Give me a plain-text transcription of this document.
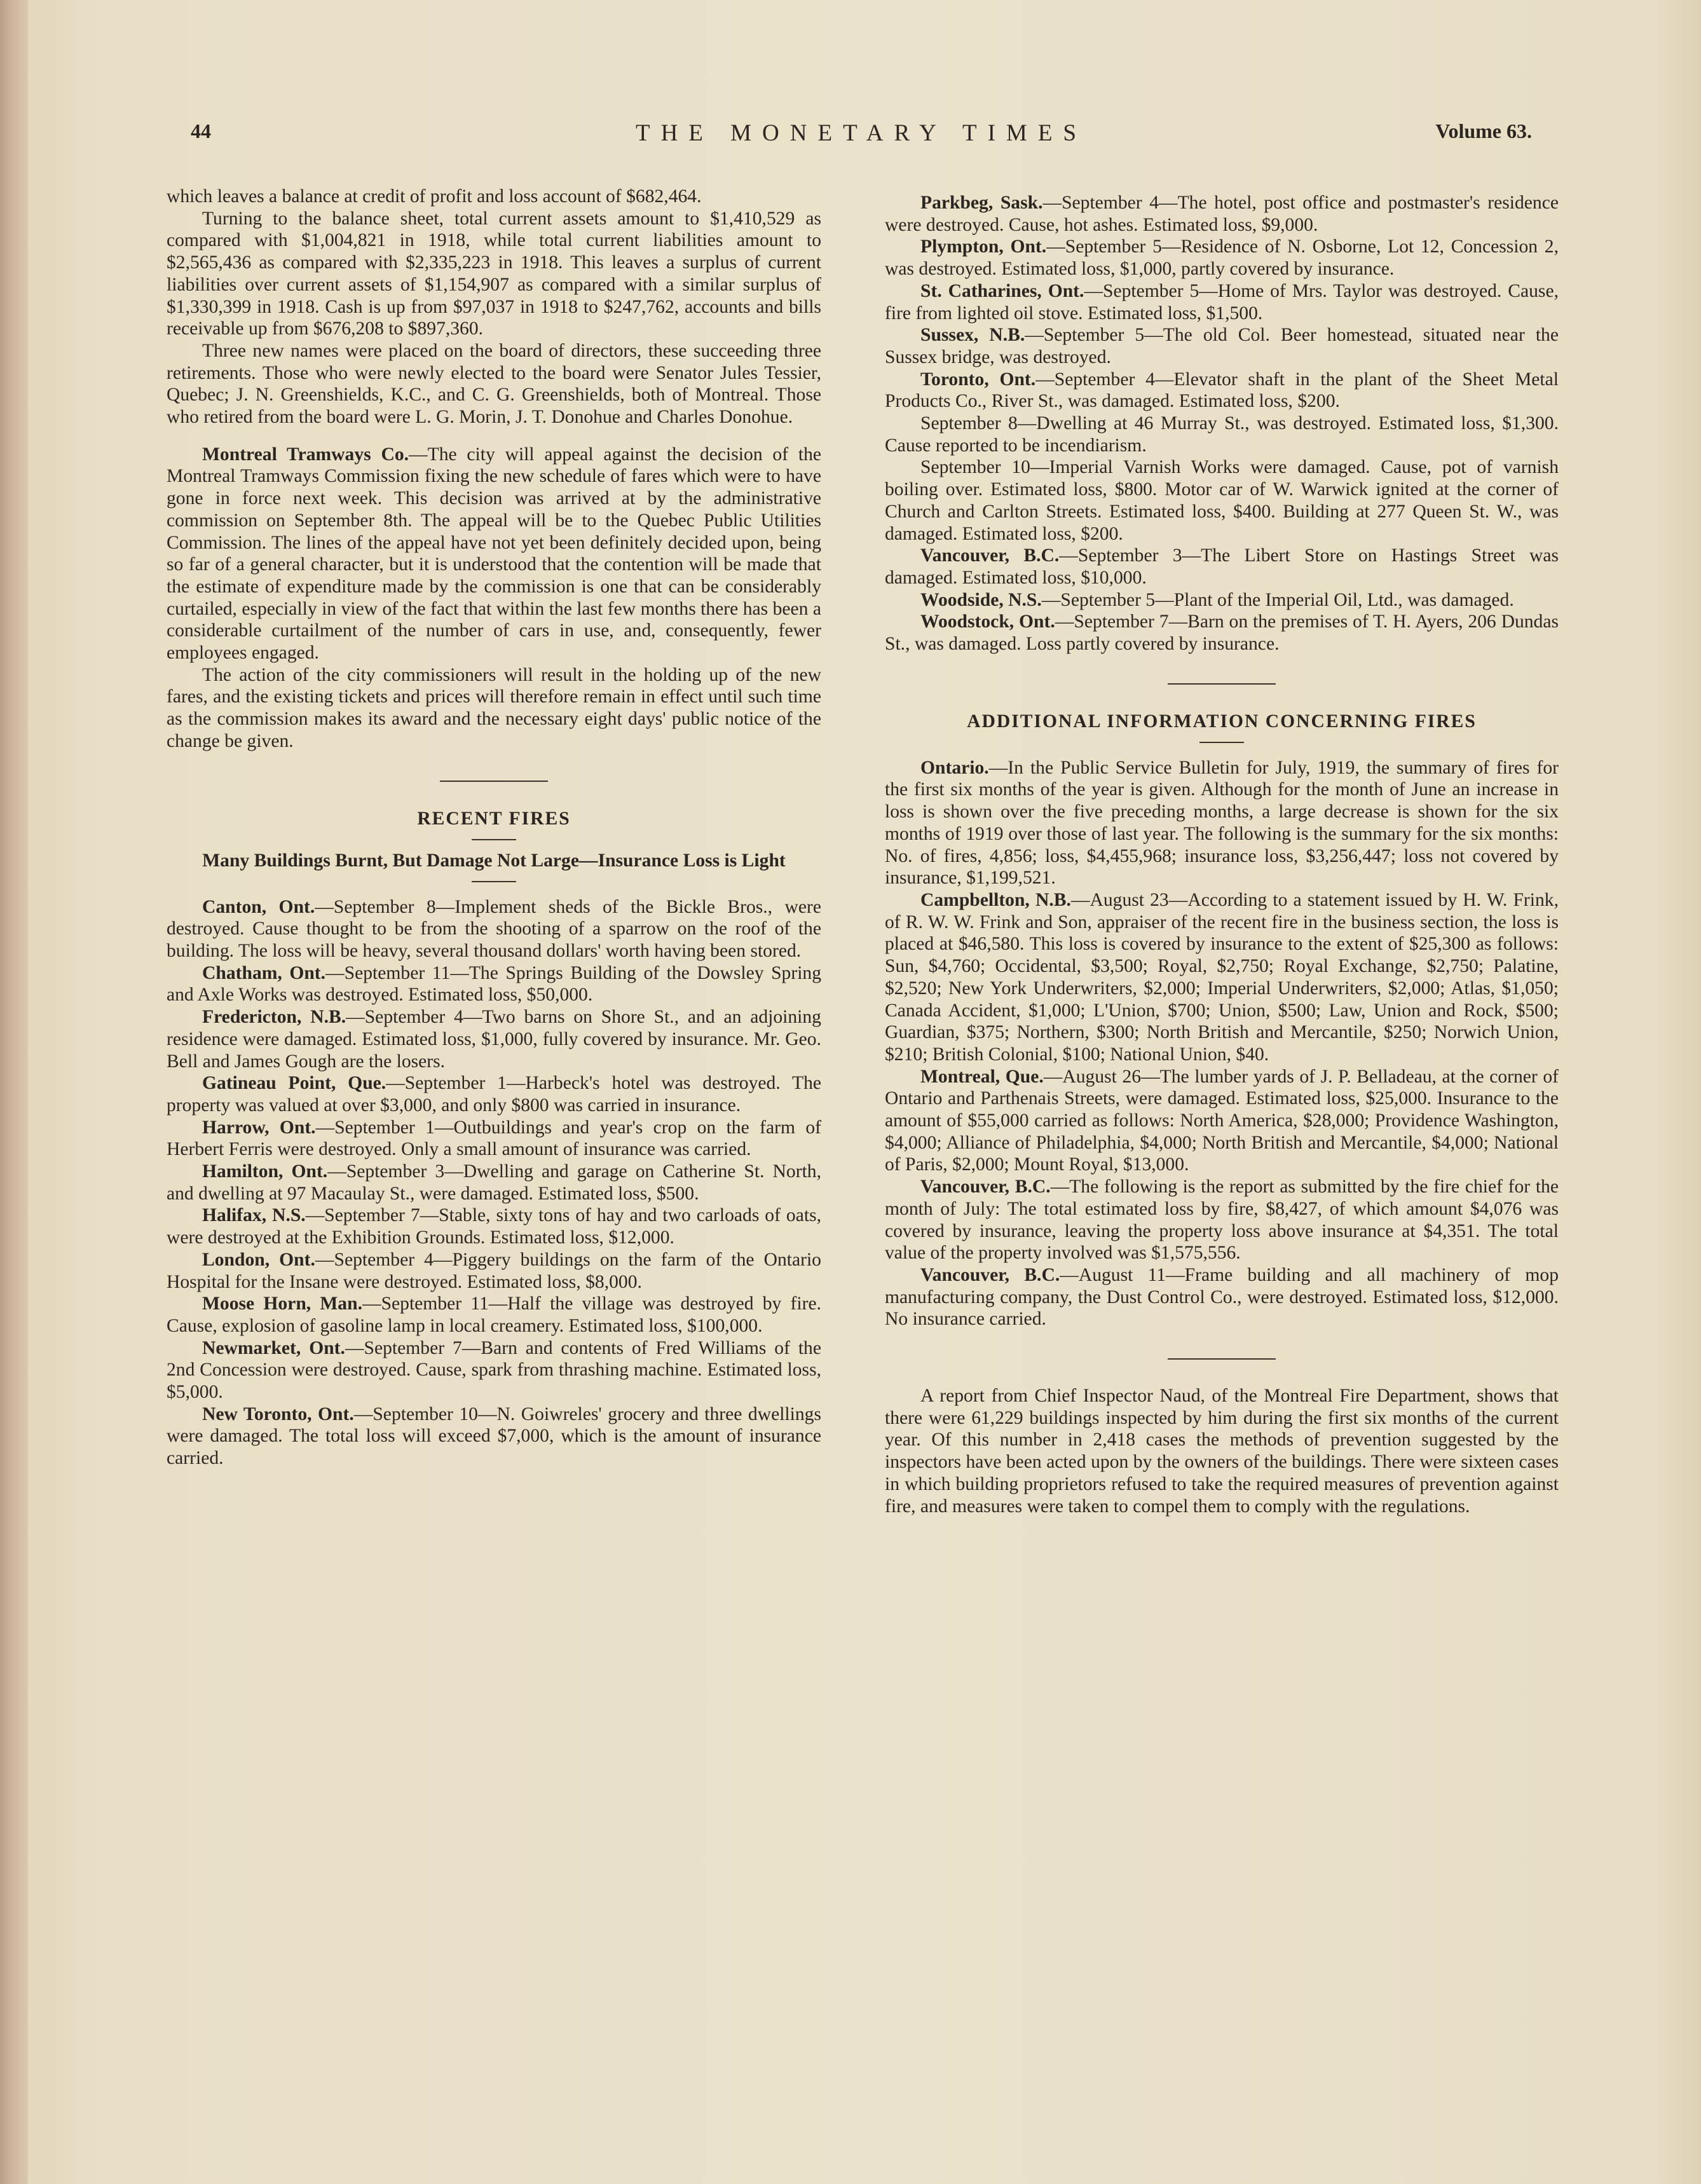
44	THE MONETARY TIMES	Volume 63.

which leaves a balance at credit of profit and loss account of $682,464.

Turning to the balance sheet, total current assets amount to $1,410,529 as compared with $1,004,821 in 1918, while total current liabilities amount to $2,565,436 as compared with $2,335,223 in 1918. This leaves a surplus of current liabilities over current assets of $1,154,907 as compared with a similar surplus of $1,330,399 in 1918. Cash is up from $97,037 in 1918 to $247,762, accounts and bills receivable up from $676,208 to $897,360.

Three new names were placed on the board of directors, these succeeding three retirements. Those who were newly elected to the board were Senator Jules Tessier, Quebec; J. N. Greenshields, K.C., and C. G. Greenshields, both of Montreal. Those who retired from the board were L. G. Morin, J. T. Donohue and Charles Donohue.

Montreal Tramways Co.—The city will appeal against the decision of the Montreal Tramways Commission fixing the new schedule of fares which were to have gone in force next week. This decision was arrived at by the administrative commission on September 8th. The appeal will be to the Quebec Public Utilities Commission. The lines of the appeal have not yet been definitely decided upon, being so far of a general character, but it is understood that the contention will be made that the estimate of expenditure made by the commission is one that can be considerably curtailed, especially in view of the fact that within the last few months there has been a considerable curtailment of the number of cars in use, and, consequently, fewer employees engaged.

The action of the city commissioners will result in the holding up of the new fares, and the existing tickets and prices will therefore remain in effect until such time as the commission makes its award and the necessary eight days' public notice of the change be given.

RECENT FIRES
Many Buildings Burnt, But Damage Not Large—Insurance Loss is Light

Canton, Ont.—September 8—Implement sheds of the Bickle Bros., were destroyed. Cause thought to be from the shooting of a sparrow on the roof of the building. The loss will be heavy, several thousand dollars' worth having been stored.

Chatham, Ont.—September 11—The Springs Building of the Dowsley Spring and Axle Works was destroyed. Estimated loss, $50,000.

Fredericton, N.B.—September 4—Two barns on Shore St., and an adjoining residence were damaged. Estimated loss, $1,000, fully covered by insurance. Mr. Geo. Bell and James Gough are the losers.

Gatineau Point, Que.—September 1—Harbeck's hotel was destroyed. The property was valued at over $3,000, and only $800 was carried in insurance.

Harrow, Ont.—September 1—Outbuildings and year's crop on the farm of Herbert Ferris were destroyed. Only a small amount of insurance was carried.

Hamilton, Ont.—September 3—Dwelling and garage on Catherine St. North, and dwelling at 97 Macaulay St., were damaged. Estimated loss, $500.

Halifax, N.S.—September 7—Stable, sixty tons of hay and two carloads of oats, were destroyed at the Exhibition Grounds. Estimated loss, $12,000.

London, Ont.—September 4—Piggery buildings on the farm of the Ontario Hospital for the Insane were destroyed. Estimated loss, $8,000.

Moose Horn, Man.—September 11—Half the village was destroyed by fire. Cause, explosion of gasoline lamp in local creamery. Estimated loss, $100,000.

Newmarket, Ont.—September 7—Barn and contents of Fred Williams of the 2nd Concession were destroyed. Cause, spark from thrashing machine. Estimated loss, $5,000.

New Toronto, Ont.—September 10—N. Goiwreles' grocery and three dwellings were damaged. The total loss will exceed $7,000, which is the amount of insurance carried.

Parkbeg, Sask.—September 4—The hotel, post office and postmaster's residence were destroyed. Cause, hot ashes. Estimated loss, $9,000.

Plympton, Ont.—September 5—Residence of N. Osborne, Lot 12, Concession 2, was destroyed. Estimated loss, $1,000, partly covered by insurance.

St. Catharines, Ont.—September 5—Home of Mrs. Taylor was destroyed. Cause, fire from lighted oil stove. Estimated loss, $1,500.

Sussex, N.B.—September 5—The old Col. Beer homestead, situated near the Sussex bridge, was destroyed.

Toronto, Ont.—September 4—Elevator shaft in the plant of the Sheet Metal Products Co., River St., was damaged. Estimated loss, $200.

September 8—Dwelling at 46 Murray St., was destroyed. Estimated loss, $1,300. Cause reported to be incendiarism.

September 10—Imperial Varnish Works were damaged. Cause, pot of varnish boiling over. Estimated loss, $800. Motor car of W. Warwick ignited at the corner of Church and Carlton Streets. Estimated loss, $400. Building at 277 Queen St. W., was damaged. Estimated loss, $200.

Vancouver, B.C.—September 3—The Libert Store on Hastings Street was damaged. Estimated loss, $10,000.

Woodside, N.S.—September 5—Plant of the Imperial Oil, Ltd., was damaged.

Woodstock, Ont.—September 7—Barn on the premises of T. H. Ayers, 206 Dundas St., was damaged. Loss partly covered by insurance.

ADDITIONAL INFORMATION CONCERNING FIRES

Ontario.—In the Public Service Bulletin for July, 1919, the summary of fires for the first six months of the year is given. Although for the month of June an increase in loss is shown over the five preceding months, a large decrease is shown for the six months of 1919 over those of last year. The following is the summary for the six months: No. of fires, 4,856; loss, $4,455,968; insurance loss, $3,256,447; loss not covered by insurance, $1,199,521.

Campbellton, N.B.—August 23—According to a statement issued by H. W. Frink, of R. W. W. Frink and Son, appraiser of the recent fire in the business section, the loss is placed at $46,580. This loss is covered by insurance to the extent of $25,300 as follows: Sun, $4,760; Occidental, $3,500; Royal, $2,750; Royal Exchange, $2,750; Palatine, $2,520; New York Underwriters, $2,000; Imperial Underwriters, $2,000; Atlas, $1,050; Canada Accident, $1,000; L'Union, $700; Union, $500; Law, Union and Rock, $500; Guardian, $375; Northern, $300; North British and Mercantile, $250; Norwich Union, $210; British Colonial, $100; National Union, $40.

Montreal, Que.—August 26—The lumber yards of J. P. Belladeau, at the corner of Ontario and Parthenais Streets, were damaged. Estimated loss, $25,000. Insurance to the amount of $55,000 carried as follows: North America, $28,000; Providence Washington, $4,000; Alliance of Philadelphia, $4,000; North British and Mercantile, $4,000; National of Paris, $2,000; Mount Royal, $13,000.

Vancouver, B.C.—The following is the report as submitted by the fire chief for the month of July: The total estimated loss by fire, $8,427, of which amount $4,076 was covered by insurance, leaving the property loss above insurance at $4,351. The total value of the property involved was $1,575,556.

Vancouver, B.C.—August 11—Frame building and all machinery of mop manufacturing company, the Dust Control Co., were destroyed. Estimated loss, $12,000. No insurance carried.

A report from Chief Inspector Naud, of the Montreal Fire Department, shows that there were 61,229 buildings inspected by him during the first six months of the current year. Of this number in 2,418 cases the methods of prevention suggested by the inspectors have been acted upon by the owners of the buildings. There were sixteen cases in which building proprietors refused to take the required measures of prevention against fire, and measures were taken to compel them to comply with the regulations.
